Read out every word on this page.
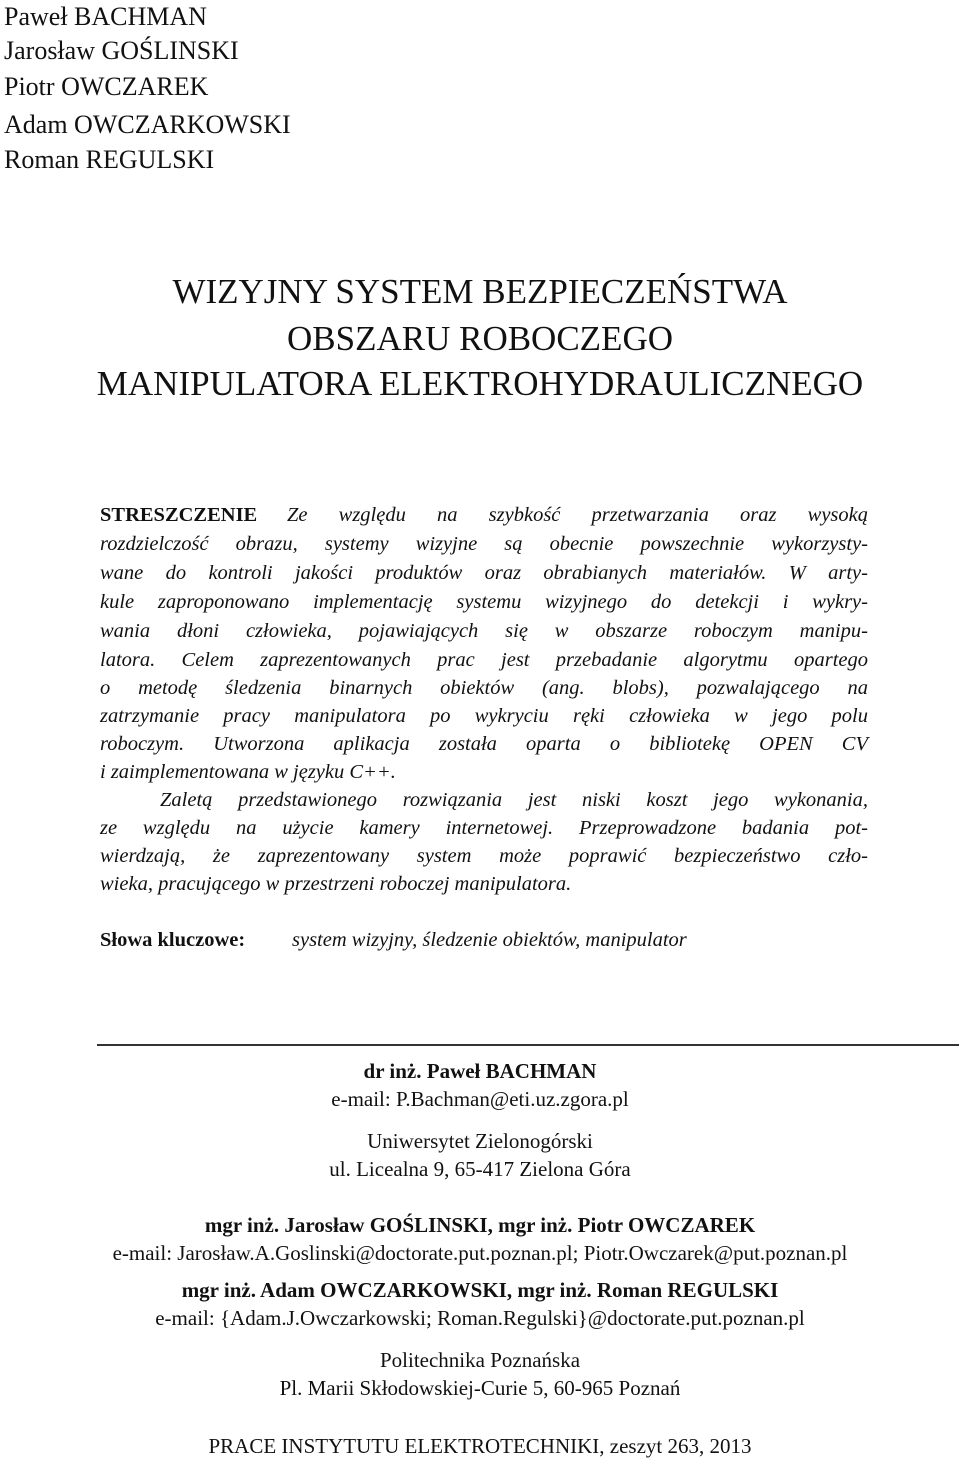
Paweł BACHMAN
Jarosław GOŚLINSKI
Piotr OWCZAREK
Adam OWCZARKOWSKI
Roman REGULSKI
WIZYJNY SYSTEM BEZPIECZEŃSTWA
OBSZARU ROBOCZEGO
MANIPULATORA ELEKTROHYDRAULICZNEGO
STRESZCZENIE Ze względu na szybkość przetwarzania oraz wysoką
rozdzielczość obrazu, systemy wizyjne są obecnie powszechnie wykorzysty-
wane do kontroli jakości produktów oraz obrabianych materiałów. W arty-
kule zaproponowano implementację systemu wizyjnego do detekcji i wykry-
wania dłoni człowieka, pojawiających się w obszarze roboczym manipu-
latora. Celem zaprezentowanych prac jest przebadanie algorytmu opartego
o metodę śledzenia binarnych obiektów (ang. blobs), pozwalającego na
zatrzymanie pracy manipulatora po wykryciu ręki człowieka w jego polu
roboczym. Utworzona aplikacja została oparta o bibliotekę OPEN CV
i zaimplementowana w języku C++.
Zaletą przedstawionego rozwiązania jest niski koszt jego wykonania,
ze względu na użycie kamery internetowej. Przeprowadzone badania pot-
wierdzają, że zaprezentowany system może poprawić bezpieczeństwo czło-
wieka, pracującego w przestrzeni roboczej manipulatora.
Słowa kluczowe: system wizyjny, śledzenie obiektów, manipulator
dr inż. Paweł BACHMAN
e-mail: P.Bachman@eti.uz.zgora.pl
Uniwersytet Zielonogórski
ul. Licealna 9, 65-417 Zielona Góra
mgr inż. Jarosław GOŚLINSKI, mgr inż. Piotr OWCZAREK
e-mail: Jarosław.A.Goslinski@doctorate.put.poznan.pl; Piotr.Owczarek@put.poznan.pl
mgr inż. Adam OWCZARKOWSKI, mgr inż. Roman REGULSKI
e-mail: {Adam.J.Owczarkowski; Roman.Regulski}@doctorate.put.poznan.pl
Politechnika Poznańska
Pl. Marii Skłodowskiej-Curie 5, 60-965 Poznań
PRACE INSTYTUTU ELEKTROTECHNIKI, zeszyt 263, 2013
